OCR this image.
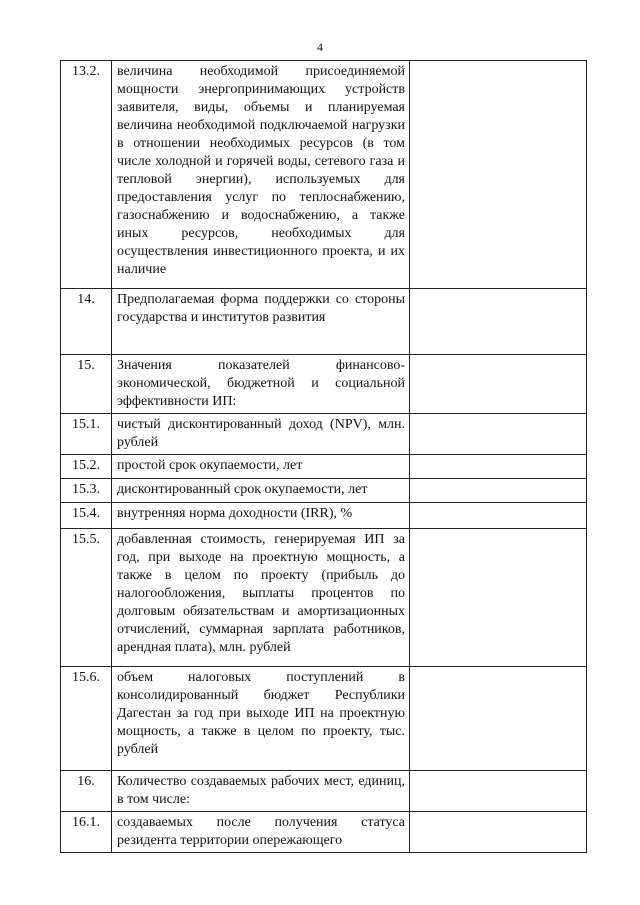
4
13.2.	величина необходимой присоединяемой мощности энергопринимающих устройств заявителя, виды, объемы и планируемая величина необходимой подключаемой нагрузки в отношении необходимых ресурсов (в том числе холодной и горячей воды, сетевого газа и тепловой энергии), используемых для предоставления услуг по теплоснабжению, газоснабжению и водоснабжению, а также иных ресурсов, необходимых для осуществления инвестиционного проекта, и их наличие	

14.	Предполагаемая форма поддержки со стороны государства и институтов развития	

15.	Значения показателей финансово-экономической, бюджетной и социальной эффективности ИП:	

15.1.	чистый дисконтированный доход (NPV), млн. рублей	

15.2.	простой срок окупаемости, лет	

15.3.	дисконтированный срок окупаемости, лет	

15.4.	внутренняя норма доходности (IRR), %	

15.5.	добавленная стоимость, генерируемая ИП за год, при выходе на проектную мощность, а также в целом по проекту (прибыль до налогообложения, выплаты процентов по долговым обязательствам и амортизационных отчислений, суммарная зарплата работников, арендная плата), млн. рублей	

15.6.	объем налоговых поступлений в консолидированный бюджет Республики Дагестан за год при выходе ИП на проектную мощность, а также в целом по проекту, тыс. рублей	

16.	Количество создаваемых рабочих мест, единиц, в том числе:	

16.1.	создаваемых после получения статуса резидента территории опережающего	
